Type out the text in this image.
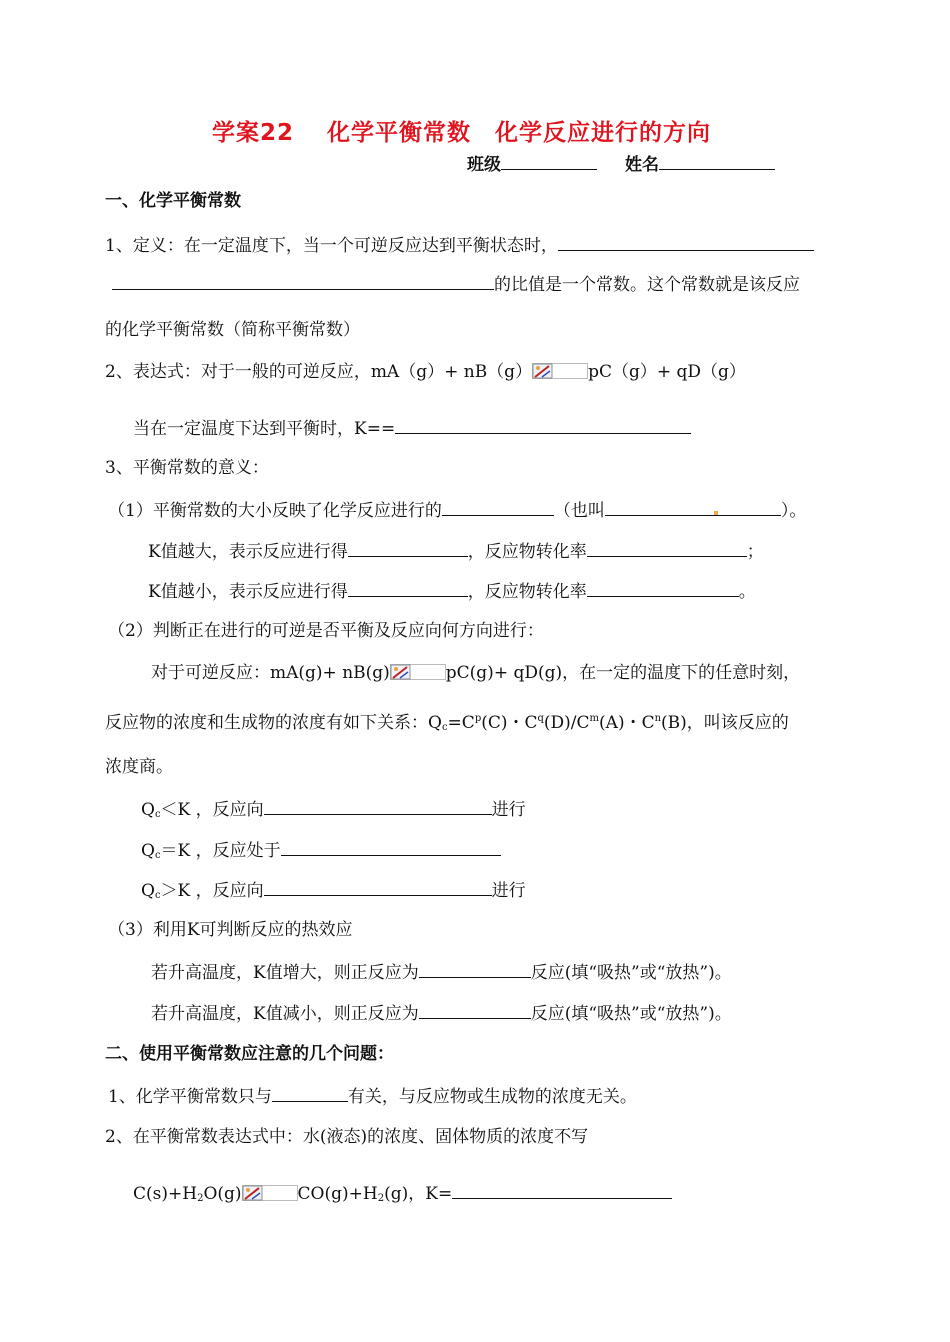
学案22　 化学平衡常数　化学反应进行的方向
班级	姓名
一、化学平衡常数
1、定义：在一定温度下，当一个可逆反应达到平衡状态时，
的比值是一个常数。这个常数就是该反应
的化学平衡常数（简称平衡常数）
2、表达式：对于一般的可逆反应，mA（g）+ nB（g）	pC（g）+ qD（g）
当在一定温度下达到平衡时，K==
3、平衡常数的意义：
（1）平衡常数的大小反映了化学反应进行的	（也叫	）。
K值越大，表示反应进行得	，反应物转化率	；
K值越小，表示反应进行得	，反应物转化率	。
（2）判断正在进行的可逆是否平衡及反应向何方向进行：
对于可逆反应：mA(g)+ nB(g)	pC(g)+ qD(g)，在一定的温度下的任意时刻，
反应物的浓度和生成物的浓度有如下关系：$Q_c=C^p(C)$・$C^q(D)/C^m(A)$・$C^n(B)$，叫该反应的
浓度商。
$Q_c<K$ ，反应向	进行
$Q_c=K$ ，反应处于
$Q_c>K$ ，反应向	进行
（3）利用K可判断反应的热效应
若升高温度，K值增大，则正反应为	反应(填“吸热”或“放热”)。
若升高温度，K值减小，则正反应为	反应(填“吸热”或“放热”)。
二、使用平衡常数应注意的几个问题：
1、化学平衡常数只与	有关，与反应物或生成物的浓度无关。
2、在平衡常数表达式中：水(液态)的浓度、固体物质的浓度不写
$C(s)+H_2O(g)$	$CO(g)+H_2(g)$，K=
